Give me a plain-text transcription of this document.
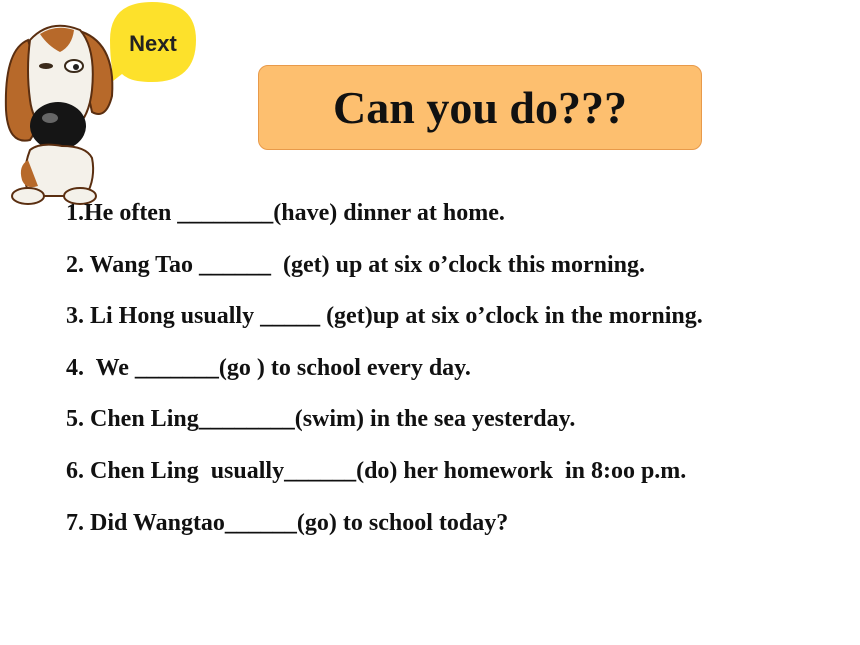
Next
Can you do???
1.He often ________(have) dinner at home.
2. Wang Tao ______  (get) up at six o’clock this morning.
3. Li Hong usually _____ (get)up at six o’clock in the morning.
4.  We _______(go ) to school every day.
5. Chen Ling________(swim) in the sea yesterday.
6. Chen Ling  usually______(do) her homework  in 8:oo p.m.
7. Did Wangtao______(go) to school today?
